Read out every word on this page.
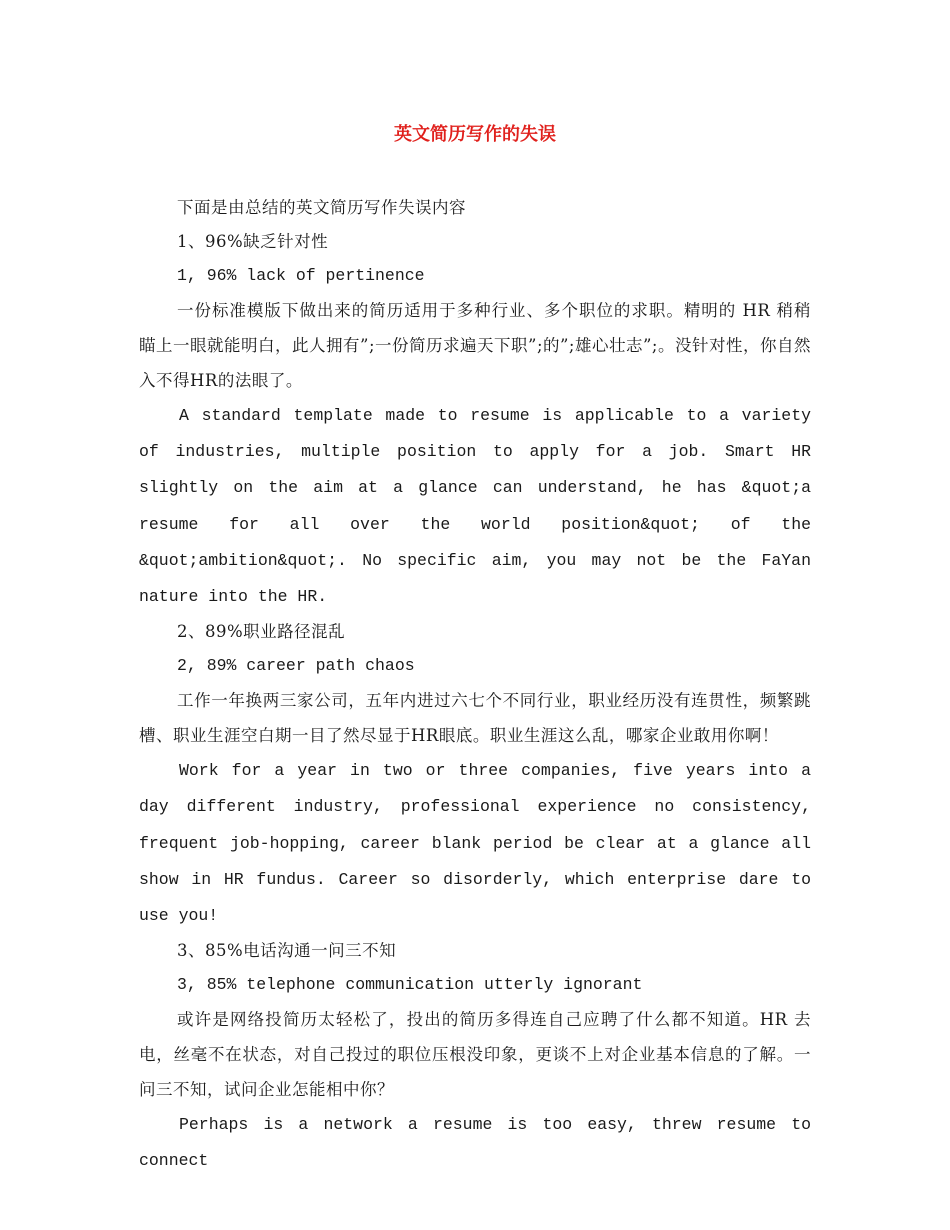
英文简历写作的失误

下面是由总结的英文简历写作失误内容

1、96%缺乏针对性

1, 96% lack of pertinence

一份标准模版下做出来的简历适用于多种行业、多个职位的求职。精明的 HR 稍稍瞄上一眼就能明白，此人拥有”;一份简历求遍天下职”;的”;雄心壮志”;。没针对性，你自然入不得HR的法眼了。

A standard template made to resume is applicable to a variety of industries, multiple position to apply for a job. Smart HR slightly on the aim at a glance can understand, he has &quot;a resume for all over the world position&quot; of the &quot;ambition&quot;. No specific aim, you may not be the FaYan nature into the HR.

2、89%职业路径混乱

2, 89% career path chaos

工作一年换两三家公司，五年内进过六七个不同行业，职业经历没有连贯性，频繁跳槽、职业生涯空白期一目了然尽显于HR眼底。职业生涯这么乱，哪家企业敢用你啊！

Work for a year in two or three companies, five years into a day different industry, professional experience no consistency, frequent job-hopping, career blank period be clear at a glance all show in HR fundus. Career so disorderly, which enterprise dare to use you!

3、85%电话沟通一问三不知

3, 85% telephone communication utterly ignorant

或许是网络投简历太轻松了，投出的简历多得连自己应聘了什么都不知道。HR 去电，丝毫不在状态，对自己投过的职位压根没印象，更谈不上对企业基本信息的了解。一问三不知，试问企业怎能相中你？

Perhaps is a network a resume is too easy, threw resume to connect
